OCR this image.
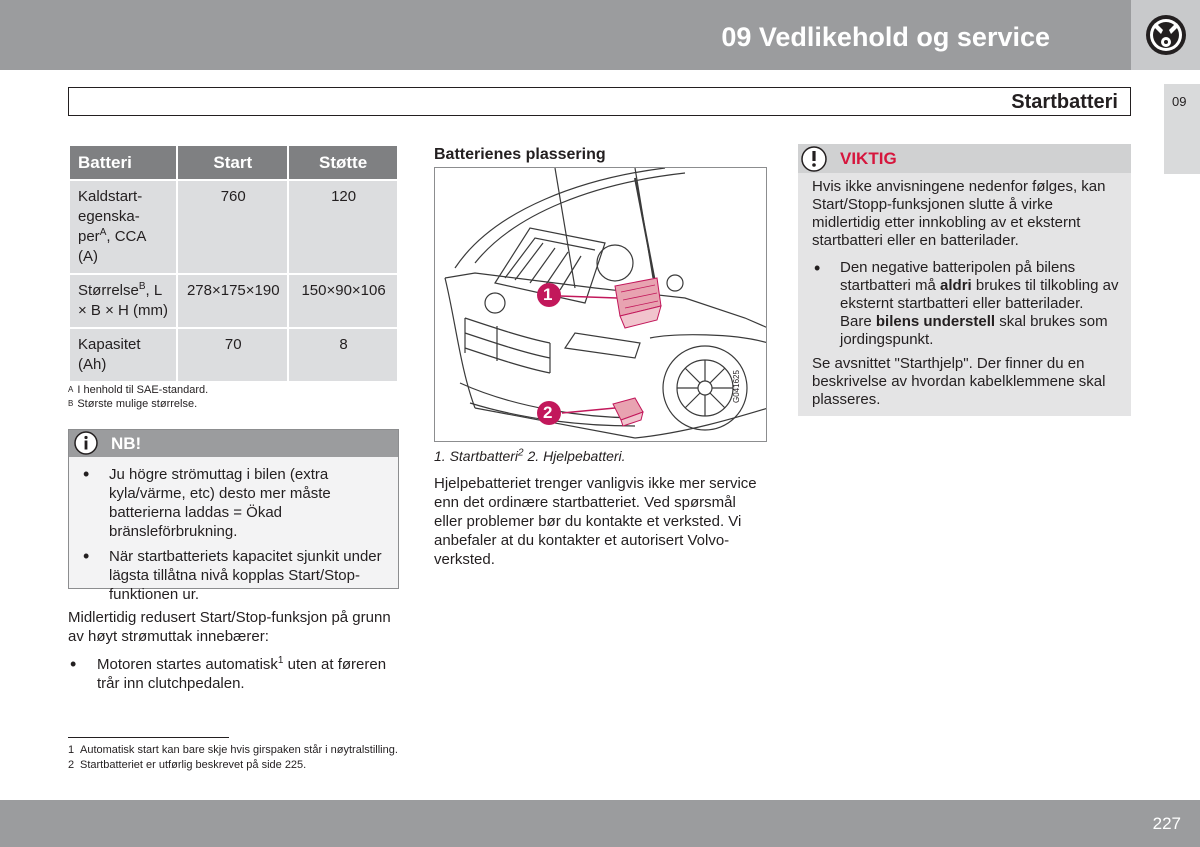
09 Vedlikehold og service
09
Startbatteri
Batteri	Start	Støtte
Kaldstart-egenska-per$^A$, CCA (A)	760	120
Størrelse$^B$, L × B × H (mm)	278×175×190	150×90×106
Kapasitet (Ah)	70	8
A I henhold til SAE-standard.
B Største mulige størrelse.
NB!
• Ju högre strömuttag i bilen (extra kyla/värme, etc) desto mer måste batterierna laddas = Ökad bränsleförbrukning.
• När startbatteriets kapacitet sjunkit under lägsta tillåtna nivå kopplas Start/Stop-funktionen ur.
Midlertidig redusert Start/Stop-funksjon på grunn av høyt strømuttak innebærer:
• Motoren startes automatisk$^1$ uten at føreren trår inn clutchpedalen.
Batterienes plassering
1
2
G041625
1. Startbatteri$^2$ 2. Hjelpebatteri.
Hjelpebatteriet trenger vanligvis ikke mer service enn det ordinære startbatteriet. Ved spørsmål eller problemer bør du kontakte et verksted. Vi anbefaler at du kontakter et autorisert Volvo-verksted.
VIKTIG
Hvis ikke anvisningene nedenfor følges, kan Start/Stopp-funksjonen slutte å virke midlertidig etter innkobling av et eksternt startbatteri eller en batterilader.
• Den negative batteripolen på bilens startbatteri må aldri brukes til tilkobling av eksternt startbatteri eller batterilader. Bare bilens understell skal brukes som jordingspunkt.
Se avsnittet "Starthjelp". Der finner du en beskrivelse av hvordan kabelklemmene skal plasseres.
1 Automatisk start kan bare skje hvis girspaken står i nøytralstilling.
2 Startbatteriet er utførlig beskrevet på side 225.
227
